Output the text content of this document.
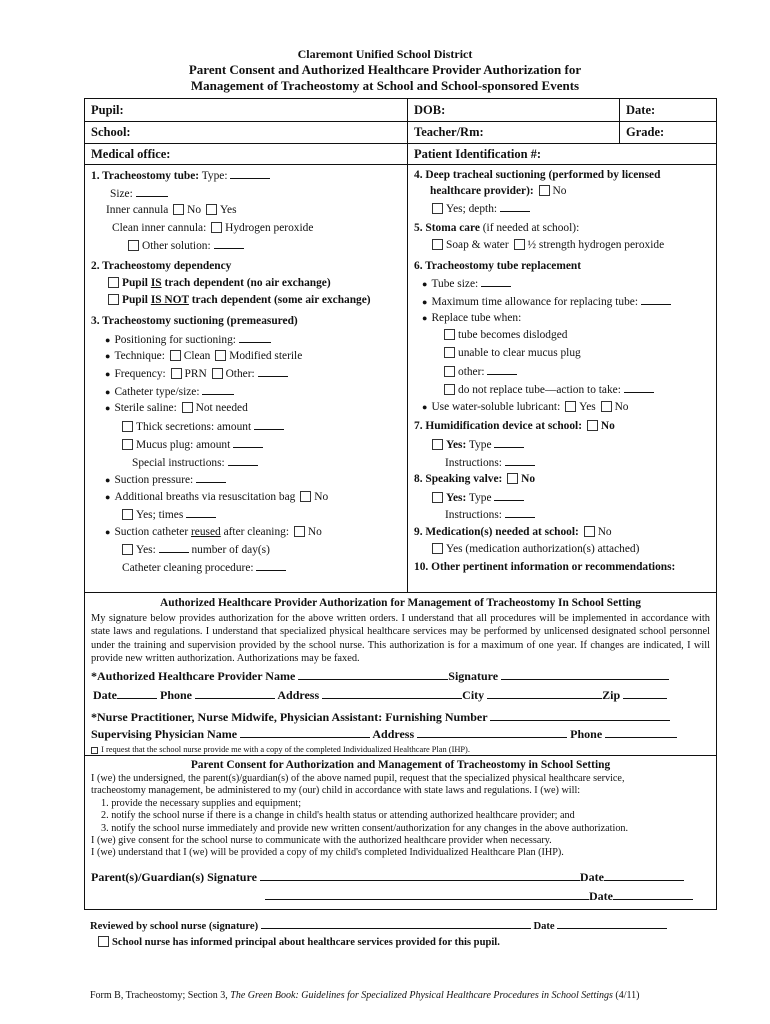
Claremont Unified School District
Parent Consent and Authorized Healthcare Provider Authorization for
Management of Tracheostomy at School and School-sponsored Events
Pupil:	DOB:	Date:
School:	Teacher/Rm:	Grade:
Medical office:	Patient Identification #:
1. Tracheostomy tube: Type:
Size:
Inner cannula No Yes
Clean inner cannula: Hydrogen peroxide
Other solution:
2. Tracheostomy dependency
Pupil IS trach dependent (no air exchange)
Pupil IS NOT trach dependent (some air exchange)
3. Tracheostomy suctioning (premeasured)
● Positioning for suctioning:
● Technique: Clean Modified sterile
● Frequency: PRN Other:
● Catheter type/size:
● Sterile saline: Not needed
Thick secretions: amount
Mucus plug: amount
Special instructions:
● Suction pressure:
● Additional breaths via resuscitation bag No
Yes; times
● Suction catheter reused after cleaning: No
Yes:	number of day(s)
Catheter cleaning procedure:
4. Deep tracheal suctioning (performed by licensed
healthcare provider): No
Yes; depth:
5. Stoma care (if needed at school):
Soap & water ½ strength hydrogen peroxide
6. Tracheostomy tube replacement
● Tube size:
● Maximum time allowance for replacing tube:
● Replace tube when:
tube becomes dislodged
unable to clear mucus plug
other:
do not replace tube—action to take:
● Use water-soluble lubricant: Yes No
7. Humidification device at school: No
Yes: Type
Instructions:
8. Speaking valve: No
Yes: Type
Instructions:
9. Medication(s) needed at school: No
Yes (medication authorization(s) attached)
10. Other pertinent information or recommendations:
Authorized Healthcare Provider Authorization for Management of Tracheostomy In School Setting
My signature below provides authorization for the above written orders. I understand that all procedures will be implemented in accordance with state laws and regulations. I understand that specialized physical healthcare services may be performed by unlicensed designated school personnel under the training and supervision provided by the school nurse. This authorization is for a maximum of one year. If changes are indicated, I will provide new written authorization. Authorizations may be faxed.
*Authorized Healthcare Provider Name	Signature
Date	Phone	Address	City	Zip
*Nurse Practitioner, Nurse Midwife, Physician Assistant: Furnishing Number
Supervising Physician Name	Address	Phone
I request that the school nurse provide me with a copy of the completed Individualized Healthcare Plan (IHP).
Parent Consent for Authorization and Management of Tracheostomy in School Setting
I (we) the undersigned, the parent(s)/guardian(s) of the above named pupil, request that the specialized physical healthcare service,
tracheostomy management, be administered to my (our) child in accordance with state laws and regulations. I (we) will:
1. provide the necessary supplies and equipment;
2. notify the school nurse if there is a change in child's health status or attending authorized healthcare provider; and
3. notify the school nurse immediately and provide new written consent/authorization for any changes in the above authorization.
I (we) give consent for the school nurse to communicate with the authorized healthcare provider when necessary.
I (we) understand that I (we) will be provided a copy of my child's completed Individualized Healthcare Plan (IHP).
Parent(s)/Guardian(s) Signature	Date
Date
Reviewed by school nurse (signature)	Date
School nurse has informed principal about healthcare services provided for this pupil.
Form B, Tracheostomy; Section 3, The Green Book: Guidelines for Specialized Physical Healthcare Procedures in School Settings (4/11)
